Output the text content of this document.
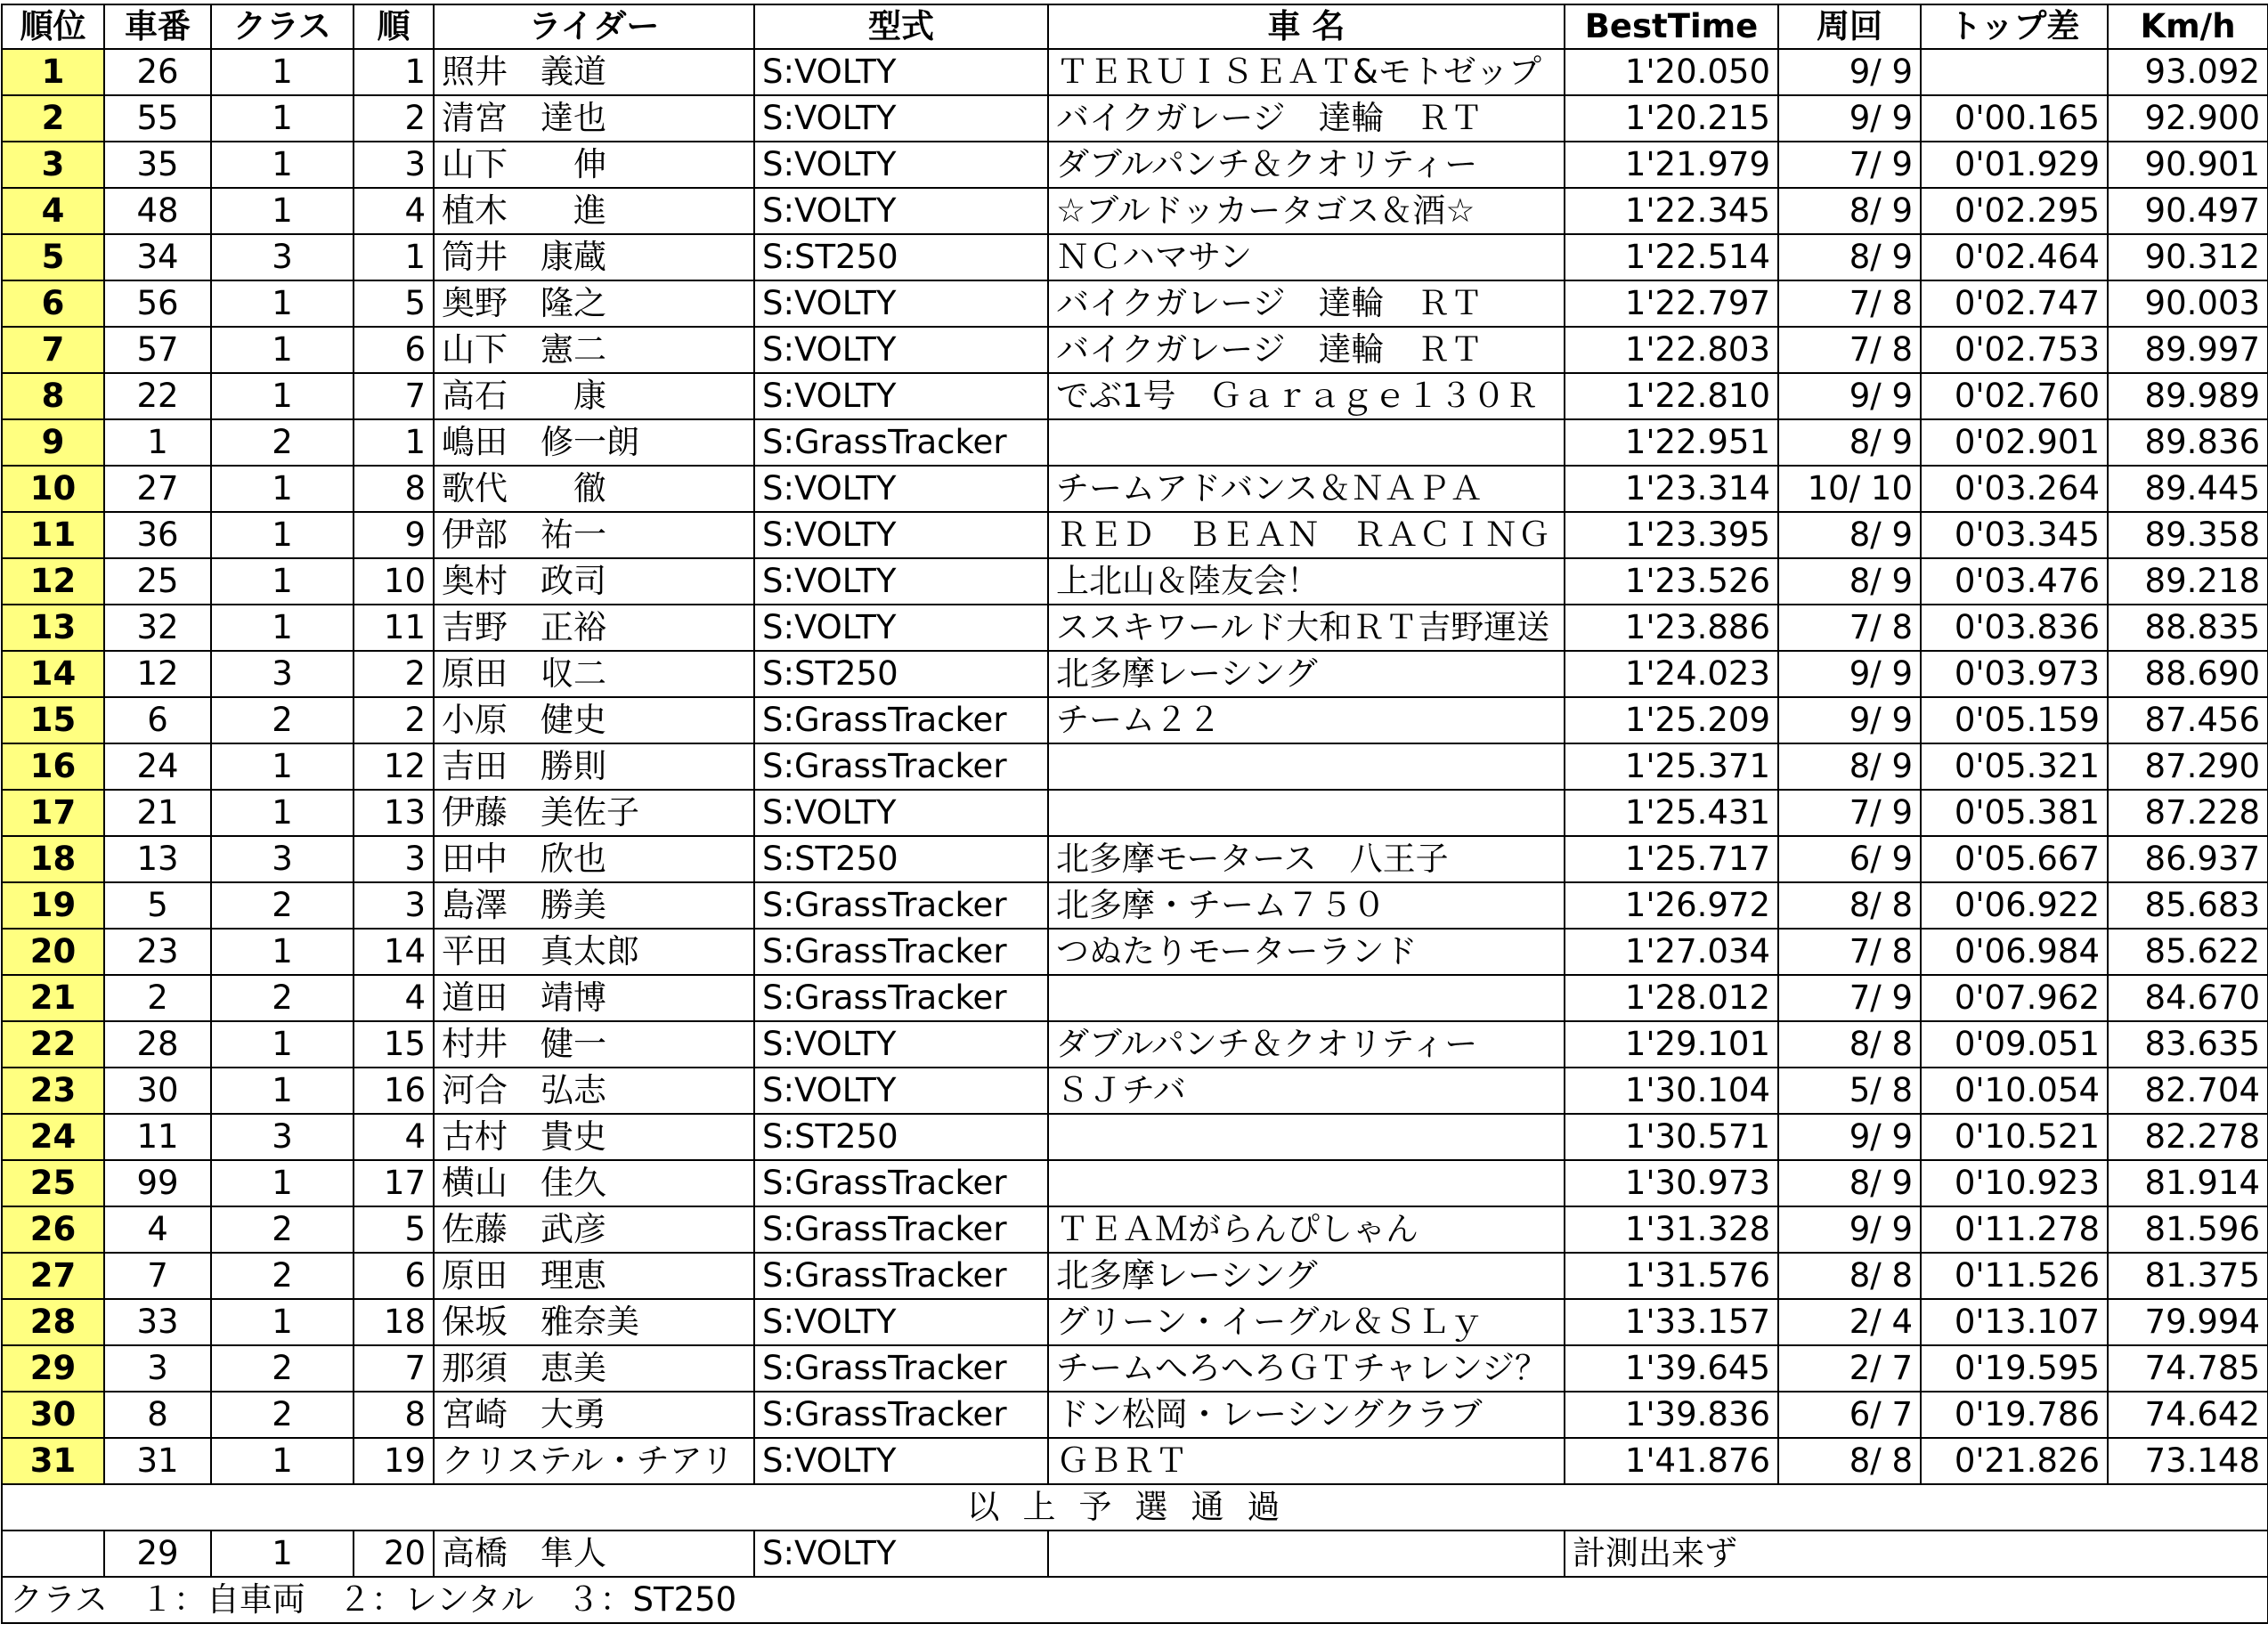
順位	車番	クラス	順	ライダー	型式	車 名	BestTime	周回	トップ差	Km/h
1	26	1	1	照井　義道	S:VOLTY	ＴＥＲＵＩＳＥＡＴ&モトゼップ	1'20.050	9/ 9		93.092
2	55	1	2	清宮　達也	S:VOLTY	バイクガレージ　達輪　ＲＴ	1'20.215	9/ 9	0'00.165	92.900
3	35	1	3	山下　　伸	S:VOLTY	ダブルパンチ＆クオリティー	1'21.979	7/ 9	0'01.929	90.901
4	48	1	4	植木　　進	S:VOLTY	☆ブルドッカータゴス＆酒☆	1'22.345	8/ 9	0'02.295	90.497
5	34	3	1	筒井　康蔵	S:ST250	ＮＣハマサン	1'22.514	8/ 9	0'02.464	90.312
6	56	1	5	奥野　隆之	S:VOLTY	バイクガレージ　達輪　ＲＴ	1'22.797	7/ 8	0'02.747	90.003
7	57	1	6	山下　憲二	S:VOLTY	バイクガレージ　達輪　ＲＴ	1'22.803	7/ 8	0'02.753	89.997
8	22	1	7	高石　　康	S:VOLTY	でぶ1号　Ｇａｒａｇｅ１３０Ｒ	1'22.810	9/ 9	0'02.760	89.989
9	1	2	1	嶋田　修一朗	S:GrassTracker		1'22.951	8/ 9	0'02.901	89.836
10	27	1	8	歌代　　徹	S:VOLTY	チームアドバンス＆ＮＡＰＡ	1'23.314	10/ 10	0'03.264	89.445
11	36	1	9	伊部　祐一	S:VOLTY	ＲＥＤ　ＢＥＡＮ　ＲＡＣＩＮＧ	1'23.395	8/ 9	0'03.345	89.358
12	25	1	10	奥村　政司	S:VOLTY	上北山＆陸友会！	1'23.526	8/ 9	0'03.476	89.218
13	32	1	11	吉野　正裕	S:VOLTY	ススキワールド大和ＲＴ吉野運送	1'23.886	7/ 8	0'03.836	88.835
14	12	3	2	原田　収二	S:ST250	北多摩レーシング	1'24.023	9/ 9	0'03.973	88.690
15	6	2	2	小原　健史	S:GrassTracker	チーム２２	1'25.209	9/ 9	0'05.159	87.456
16	24	1	12	吉田　勝則	S:GrassTracker		1'25.371	8/ 9	0'05.321	87.290
17	21	1	13	伊藤　美佐子	S:VOLTY		1'25.431	7/ 9	0'05.381	87.228
18	13	3	3	田中　欣也	S:ST250	北多摩モータース　八王子	1'25.717	6/ 9	0'05.667	86.937
19	5	2	3	島澤　勝美	S:GrassTracker	北多摩・チーム７５０	1'26.972	8/ 8	0'06.922	85.683
20	23	1	14	平田　真太郎	S:GrassTracker	つぬたりモーターランド	1'27.034	7/ 8	0'06.984	85.622
21	2	2	4	道田　靖博	S:GrassTracker		1'28.012	7/ 9	0'07.962	84.670
22	28	1	15	村井　健一	S:VOLTY	ダブルパンチ＆クオリティー	1'29.101	8/ 8	0'09.051	83.635
23	30	1	16	河合　弘志	S:VOLTY	ＳＪチバ	1'30.104	5/ 8	0'10.054	82.704
24	11	3	4	古村　貴史	S:ST250		1'30.571	9/ 9	0'10.521	82.278
25	99	1	17	横山　佳久	S:GrassTracker		1'30.973	8/ 9	0'10.923	81.914
26	4	2	5	佐藤　武彦	S:GrassTracker	ＴＥＡＭがらんぴしゃん	1'31.328	9/ 9	0'11.278	81.596
27	7	2	6	原田　理恵	S:GrassTracker	北多摩レーシング	1'31.576	8/ 8	0'11.526	81.375
28	33	1	18	保坂　雅奈美	S:VOLTY	グリーン・イーグル＆ＳＬｙ	1'33.157	2/ 4	0'13.107	79.994
29	3	2	7	那須　恵美	S:GrassTracker	チームへろへろＧＴチャレンジ？	1'39.645	2/ 7	0'19.595	74.785
30	8	2	8	宮崎　大勇	S:GrassTracker	ドン松岡・レーシングクラブ	1'39.836	6/ 7	0'19.786	74.642
31	31	1	19	クリステル・チアリ	S:VOLTY	ＧＢＲＴ	1'41.876	8/ 8	0'21.826	73.148
以上予選通過										
	29	1	20	高橋　隼人	S:VOLTY		計測出来ず			
クラス　１：自車両　２：レンタル　３：ST250										
